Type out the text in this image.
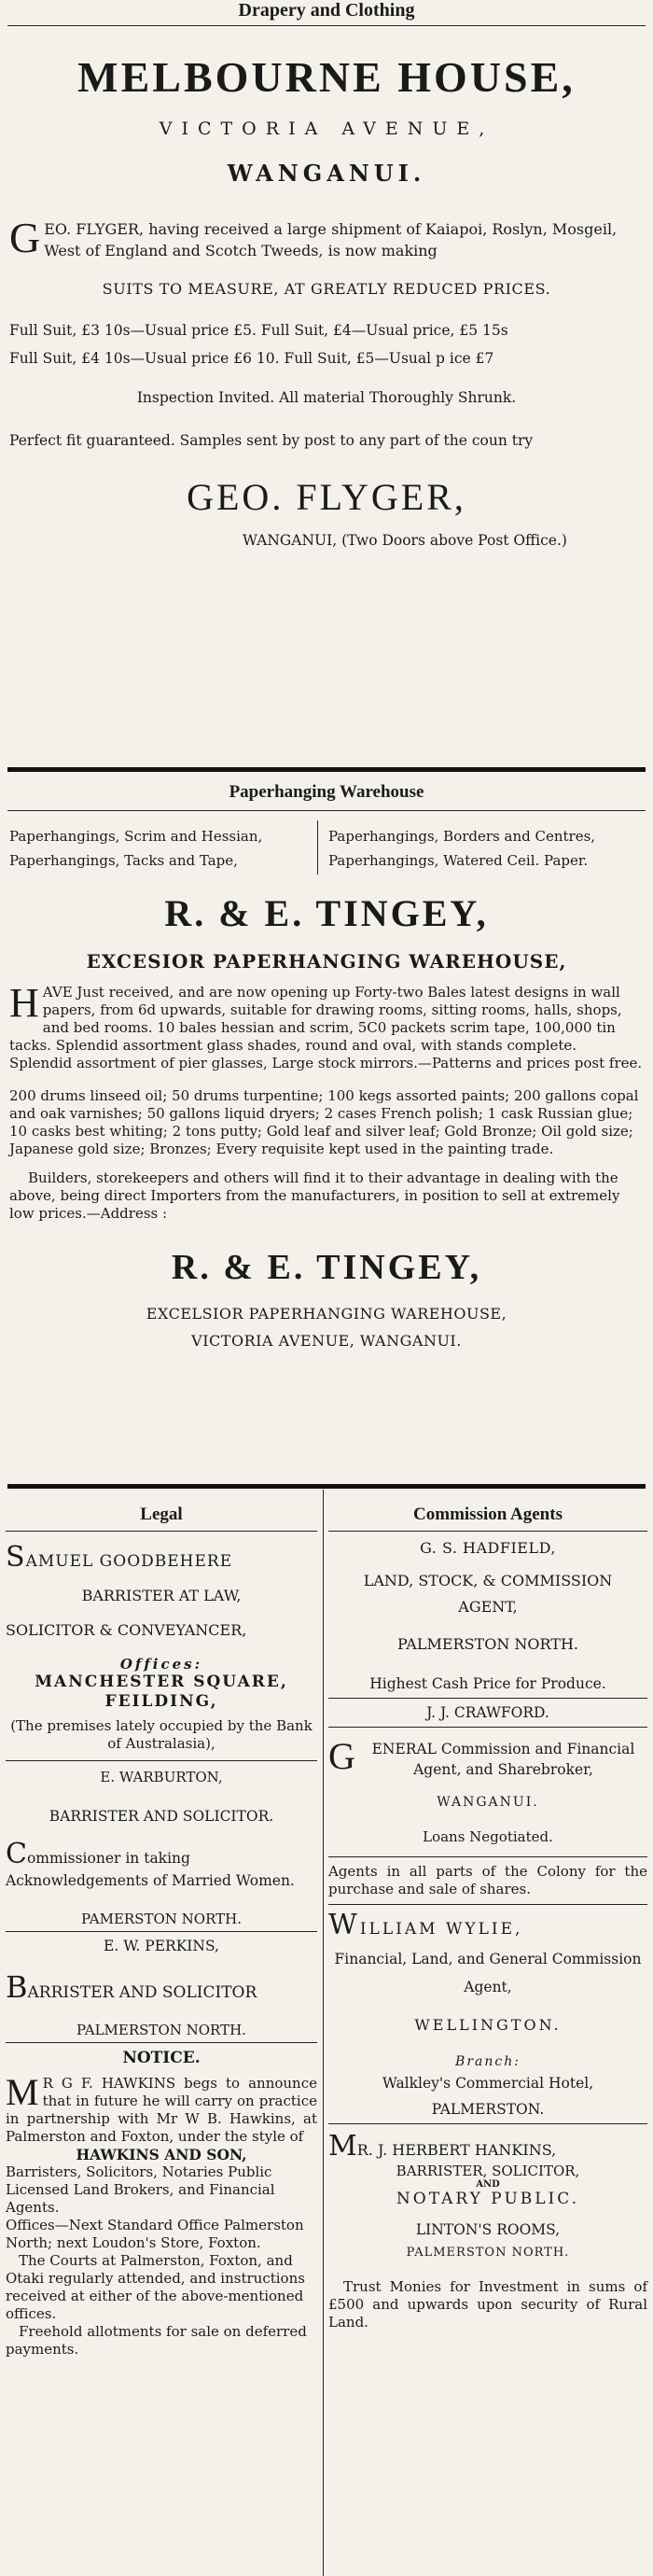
Drapery and Clothing
MELBOURNE HOUSE,
VICTORIA AVENUE,
WANGANUI.
G EO. FLYGER, having received a large shipment of Kaiapoi, Roslyn, Mosgeil, West of England and Scotch Tweeds, is now making
SUITS TO MEASURE, AT GREATLY REDUCED PRICES.
Full Suit, £3 10s—Usual price £5. Full Suit, £4—Usual price, £5 15s
Full Suit, £4 10s—Usual price £6 10. Full Suit, £5—Usual p ice £7
Inspection Invited. All material Thoroughly Shrunk.
Perfect fit guaranteed. Samples sent by post to any part of the coun try
GEO. FLYGER,
WANGANUI, (Two Doors above Post Office.)
Paperhanging Warehouse
Paperhangings, Scrim and Hessian,
Paperhangings, Tacks and Tape,
Paperhangings, Borders and Centres,
Paperhangings, Watered Ceil. Paper.
R. & E. TINGEY,
EXCESIOR PAPERHANGING WAREHOUSE,
H AVE Just received, and are now opening up Forty-two Bales latest designs in wall papers, from 6d upwards, suitable for drawing rooms, sitting rooms, halls, shops, and bed rooms. 10 bales hessian and scrim, 5C0 packets scrim tape, 100,000 tin tacks. Splendid assortment glass shades, round and oval, with stands complete. Splendid assortment of pier glasses, Large stock mirrors.—Patterns and prices post free.
200 drums linseed oil; 50 drums turpentine; 100 kegs assorted paints; 200 gallons copal and oak varnishes; 50 gallons liquid dryers; 2 cases French polish; 1 cask Russian glue; 10 casks best whiting; 2 tons putty; Gold leaf and silver leaf; Gold Bronze; Oil gold size; Japanese gold size; Bronzes; Every requisite kept used in the painting trade.
Builders, storekeepers and others will find it to their advantage in dealing with the above, being direct Importers from the manufacturers, in position to sell at extremely low prices.—Address :
R. & E. TINGEY,
EXCELSIOR PAPERHANGING WAREHOUSE,
VICTORIA AVENUE, WANGANUI.
Legal
SAMUEL GOODBEHERE
BARRISTER AT LAW,
SOLICITOR & CONVEYANCER,
Offices:
MANCHESTER SQUARE, FEILDING,
(The premises lately occupied by the Bank of Australasia),
E. WARBURTON,
BARRISTER AND SOLICITOR.
Commissioner in taking Acknowledgements of Married Women.
PAMERSTON NORTH.
E. W. PERKINS,
BARRISTER AND SOLICITOR
PALMERSTON NORTH.
NOTICE.
M R G F. HAWKINS begs to announce that in future he will carry on practice in partnership with Mr W B. Hawkins, at Palmerston and Foxton, under the style of
HAWKINS AND SON,
Barristers, Solicitors, Notaries Public Licensed Land Brokers, and Financial Agents.
Offices—Next Standard Office Palmerston North; next Loudon's Store, Foxton.
The Courts at Palmerston, Foxton, and Otaki regularly attended, and instructions received at either of the above-mentioned offices.
Freehold allotments for sale on deferred payments.
Commission Agents
G. S. HADFIELD,
LAND, STOCK, & COMMISSION AGENT,
PALMERSTON NORTH.
Highest Cash Price for Produce.
J. J. CRAWFORD.
G ENERAL Commission and Financial Agent, and Sharebroker,
WANGANUI.
Loans Negotiated.
Agents in all parts of the Colony for the purchase and sale of shares.
WILLIAM WYLIE,
Financial, Land, and General Commission Agent,
WELLINGTON.
Branch:
Walkley's Commercial Hotel,
PALMERSTON.
MR. J. HERBERT HANKINS,
BARRISTER, SOLICITOR,
AND
NOTARY PUBLIC.
LINTON'S ROOMS,
PALMERSTON NORTH.
Trust Monies for Investment in sums of £500 and upwards upon security of Rural Land.
